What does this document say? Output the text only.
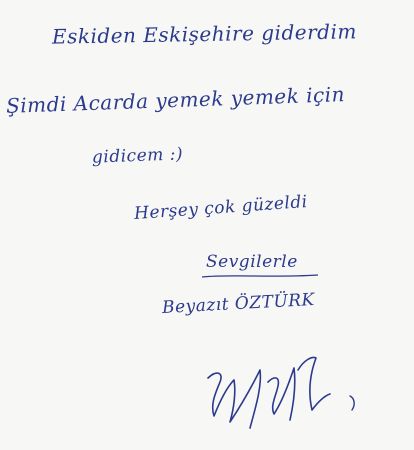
Eskiden Eskişehire giderdim
Şimdi Acarda yemek yemek için
gidicem :)
Herşey çok güzeldi
Sevgilerle
Beyazıt ÖZTÜRK
